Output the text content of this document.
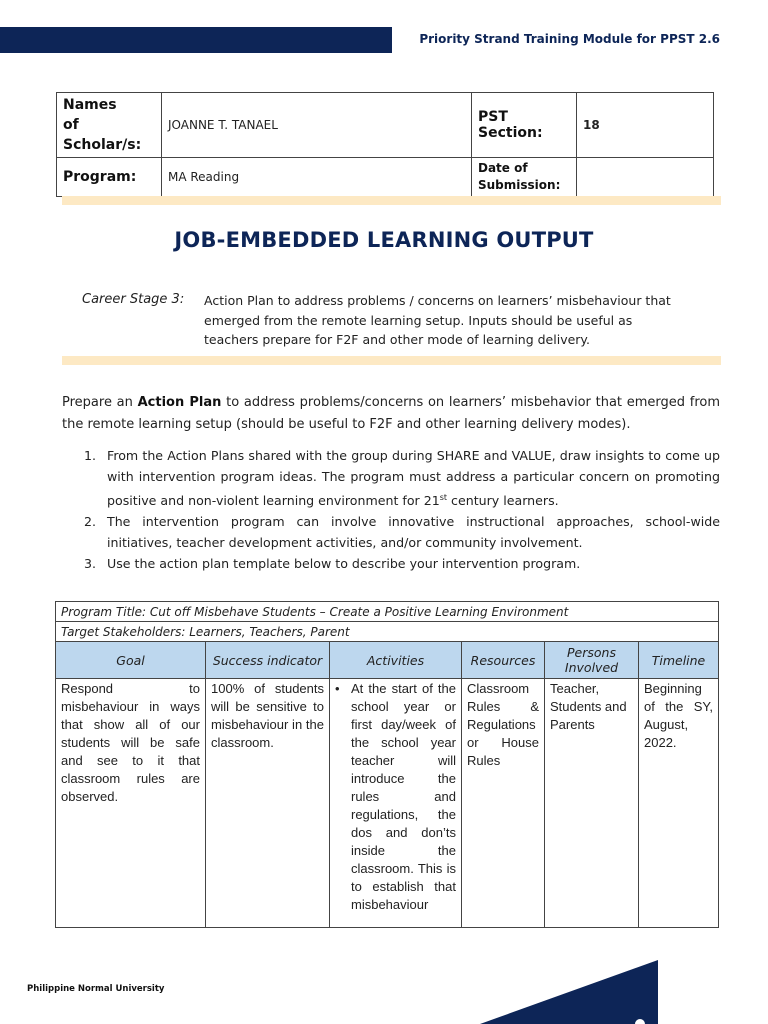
Priority Strand Training Module for PPST 2.6
Names
of Scholar/s:	JOANNE T. TANAEL	PST Section:	18
Program:	MA Reading	Date of
Submission:	
JOB-EMBEDDED LEARNING OUTPUT
Career Stage 3: Action Plan to address problems / concerns on learners’ misbehaviour that emerged from the remote learning setup. Inputs should be useful as teachers prepare for F2F and other mode of learning delivery.
Prepare an Action Plan to address problems/concerns on learners’ misbehavior that emerged from the remote learning setup (should be useful to F2F and other learning delivery modes).
1. From the Action Plans shared with the group during SHARE and VALUE, draw insights to come up with intervention program ideas. The program must address a particular concern on promoting positive and non-violent learning environment for 21st century learners.
2. The intervention program can involve innovative instructional approaches, school-wide initiatives, teacher development activities, and/or community involvement.
3. Use the action plan template below to describe your intervention program.
Program Title: Cut off Misbehave Students – Create a Positive Learning Environment					
Target Stakeholders: Learners, Teachers, Parent					
Goal	Success indicator	Activities	Resources	Persons Involved	Timeline
Respond to misbehaviour in ways that show all of our students will be safe and see to it that classroom rules are observed.	100% of students will be sensitive to misbehaviour in the classroom.	• At the start of the school year or first day/week of the school year teacher will introduce the rules and regulations, the dos and don’ts inside the classroom. This is to establish that misbehaviour	Classroom Rules & Regulations or House Rules	Teacher, Students and Parents	Beginning of the SY, August, 2022.
Philippine Normal University
